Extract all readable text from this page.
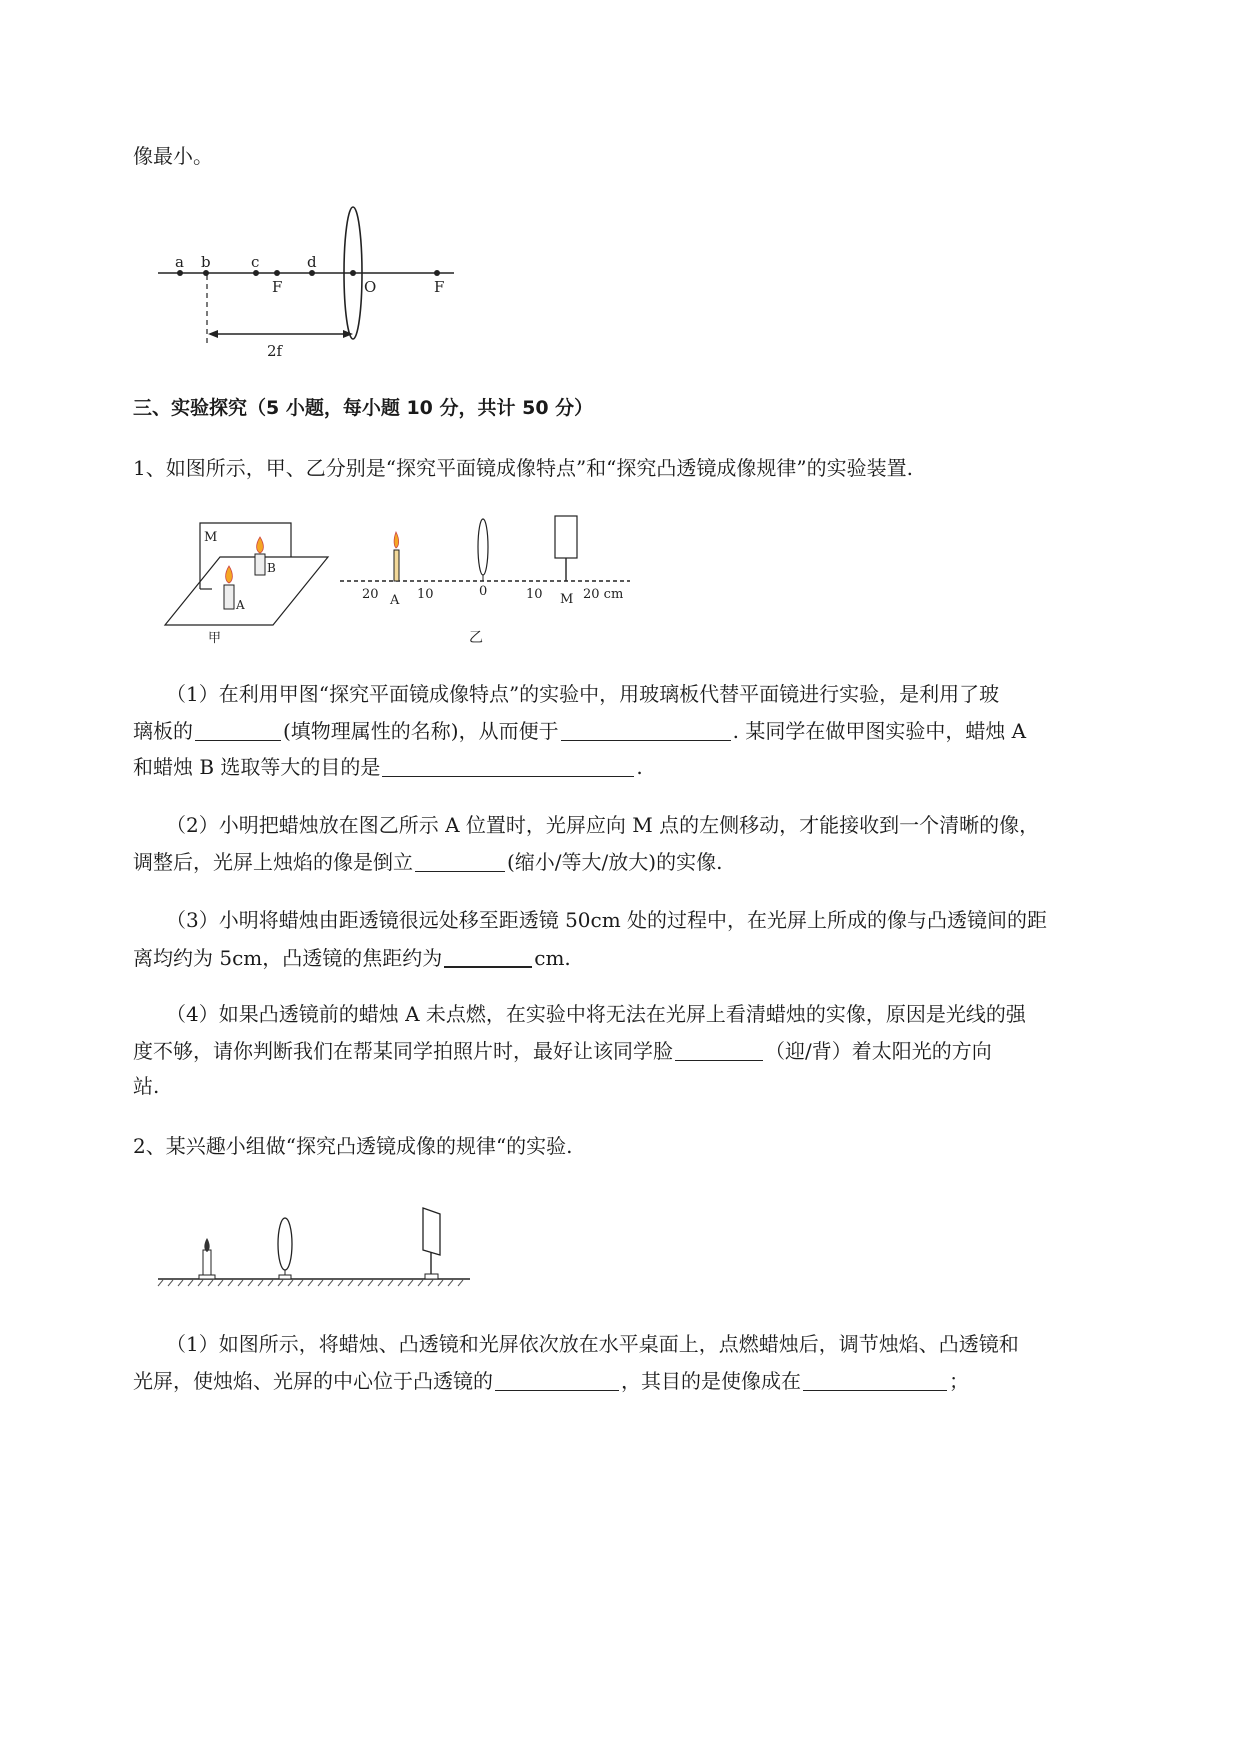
像最小。
a b	c
F
d
O	F
2f
三、实验探究（5 小题，每小题 10 分，共计 50 分）
1、如图所示，甲、乙分别是“探究平面镜成像特点”和“探究凸透镜成像规律”的实验装置.
M
B
A
甲
20 A 10	0	10 M 20 cm
乙
（1）在利用甲图“探究平面镜成像特点”的实验中，用玻璃板代替平面镜进行实验，是利用了玻
璃板的	(填物理属性的名称)，从而便于	. 某同学在做甲图实验中，蜡烛 A
和蜡烛 B 选取等大的目的是	.
（2）小明把蜡烛放在图乙所示 A 位置时，光屏应向 M 点的左侧移动，才能接收到一个清晰的像，
调整后，光屏上烛焰的像是倒立	(缩小/等大/放大)的实像.
（3）小明将蜡烛由距透镜很远处移至距透镜 50cm 处的过程中，在光屏上所成的像与凸透镜间的距
离均约为 5cm，凸透镜的焦距约为	cm.
（4）如果凸透镜前的蜡烛 A 未点燃，在实验中将无法在光屏上看清蜡烛的实像，原因是光线的强
度不够，请你判断我们在帮某同学拍照片时，最好让该同学脸	（迎/背）着太阳光的方向
站.
2、某兴趣小组做“探究凸透镜成像的规律“的实验.
（1）如图所示，将蜡烛、凸透镜和光屏依次放在水平桌面上，点燃蜡烛后，调节烛焰、凸透镜和
光屏，使烛焰、光屏的中心位于凸透镜的	，其目的是使像成在	；
